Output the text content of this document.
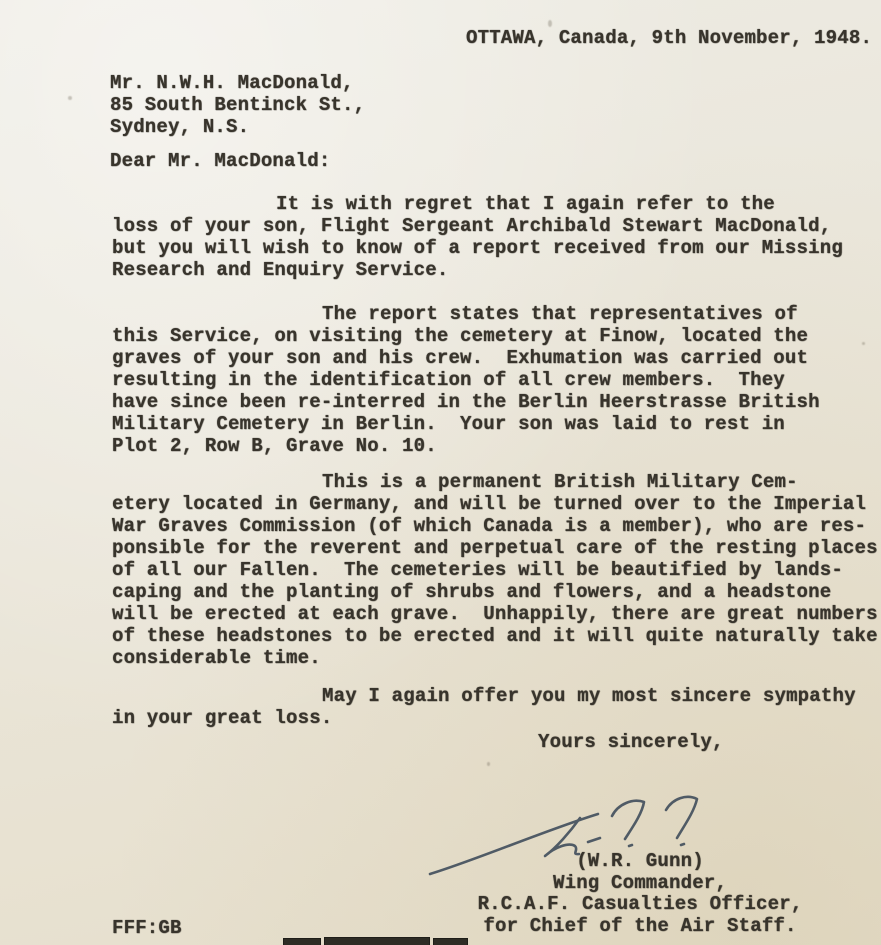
OTTAWA, Canada, 9th November, 1948.
Mr. N.W.H. MacDonald,
85 South Bentinck St.,
Sydney, N.S.
Dear Mr. MacDonald:
It is with regret that I again refer to the
loss of your son, Flight Sergeant Archibald Stewart MacDonald,
but you will wish to know of a report received from our Missing
Research and Enquiry Service.
The report states that representatives of
this Service, on visiting the cemetery at Finow, located the
graves of your son and his crew.  Exhumation was carried out
resulting in the identification of all crew members.  They
have since been re-interred in the Berlin Heerstrasse British
Military Cemetery in Berlin.  Your son was laid to rest in
Plot 2, Row B, Grave No. 10.
This is a permanent British Military Cem-
etery located in Germany, and will be turned over to the Imperial
War Graves Commission (of which Canada is a member), who are res-
ponsible for the reverent and perpetual care of the resting places
of all our Fallen.  The cemeteries will be beautified by lands-
caping and the planting of shrubs and flowers, and a headstone
will be erected at each grave.  Unhappily, there are great numbers
of these headstones to be erected and it will quite naturally take
considerable time.
May I again offer you my most sincere sympathy
in your great loss.
Yours sincerely,
(W.R. Gunn)
Wing Commander,
R.C.A.F. Casualties Officer,
for Chief of the Air Staff.
FFF:GB
